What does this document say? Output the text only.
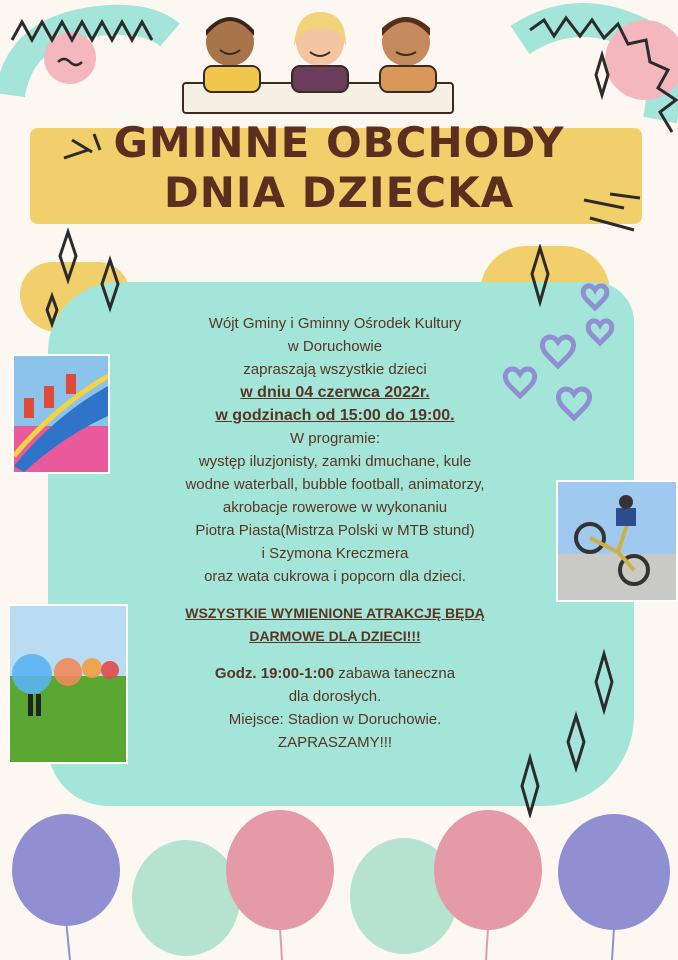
GMINNE OBCHODY
DNIA DZIECKA
Wójt Gminy i Gminny Ośrodek Kultury
w Doruchowie
zapraszają wszystkie dzieci
w dniu 04 czerwca 2022r.
w godzinach od 15:00 do 19:00.
W programie:
występ iluzjonisty, zamki dmuchane, kule
wodne waterball, bubble football, animatorzy,
akrobacje rowerowe w wykonaniu
Piotra Piasta(Mistrza Polski w MTB stund)
i Szymona Kreczmera
oraz wata cukrowa i popcorn dla dzieci.
WSZYSTKIE WYMIENIONE ATRAKCJĘ BĘDĄ
DARMOWE DLA DZIECI!!!
Godz. 19:00-1:00 zabawa taneczna
dla dorosłych.
Miejsce: Stadion w Doruchowie.
ZAPRASZAMY!!!
